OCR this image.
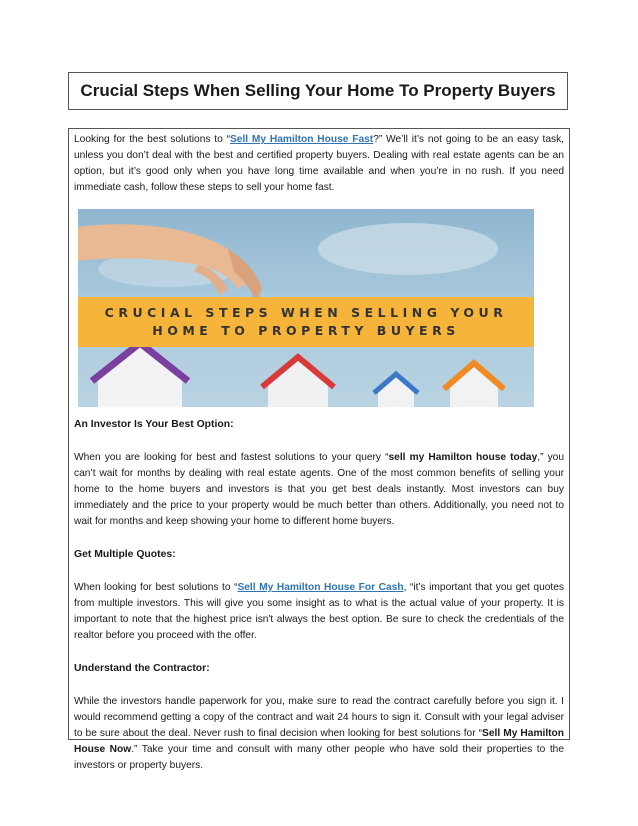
Crucial Steps When Selling Your Home To Property Buyers

Looking for the best solutions to “Sell My Hamilton House Fast?” We’ll it’s not going to be an easy task, unless you don’t deal with the best and certified property buyers. Dealing with real estate agents can be an option, but it’s good only when you have long time available and when you’re in no rush. If you need immediate cash, follow these steps to sell your home fast.

CRUCIAL STEPS WHEN SELLING YOUR
HOME TO PROPERTY BUYERS

An Investor Is Your Best Option:

When you are looking for best and fastest solutions to your query “sell my Hamilton house today,” you can’t wait for months by dealing with real estate agents. One of the most common benefits of selling your home to the home buyers and investors is that you get best deals instantly. Most investors can buy immediately and the price to your property would be much better than others. Additionally, you need not to wait for months and keep showing your home to different home buyers.

Get Multiple Quotes:

When looking for best solutions to “Sell My Hamilton House For Cash, “it’s important that you get quotes from multiple investors. This will give you some insight as to what is the actual value of your property. It is important to note that the highest price isn't always the best option. Be sure to check the credentials of the realtor before you proceed with the offer.

Understand the Contractor:

While the investors handle paperwork for you, make sure to read the contract carefully before you sign it. I would recommend getting a copy of the contract and wait 24 hours to sign it. Consult with your legal adviser to be sure about the deal. Never rush to final decision when looking for best solutions for “Sell My Hamilton House Now.” Take your time and consult with many other people who have sold their properties to the investors or property buyers.
